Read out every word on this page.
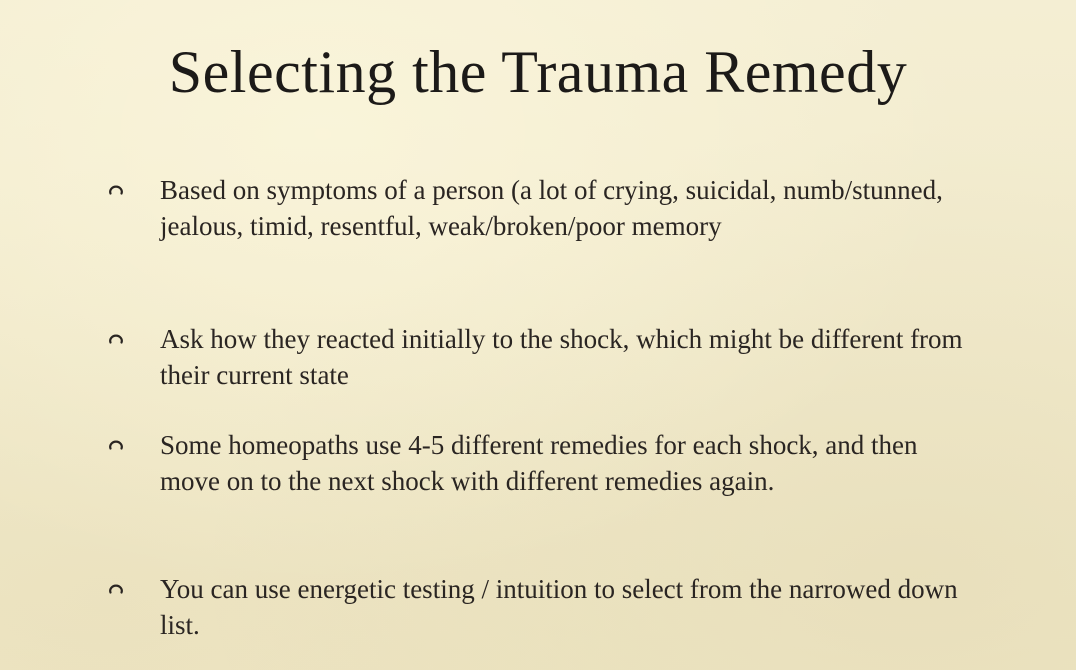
Selecting the Trauma Remedy
Based on symptoms of a person (a lot of crying, suicidal, numb/stunned, jealous, timid, resentful, weak/broken/poor memory
Ask how they reacted initially to the shock, which might be different from their current state
Some homeopaths use 4-5 different remedies for each shock, and then move on to the next shock with different remedies again.
You can use energetic testing / intuition to select from the narrowed down list.
